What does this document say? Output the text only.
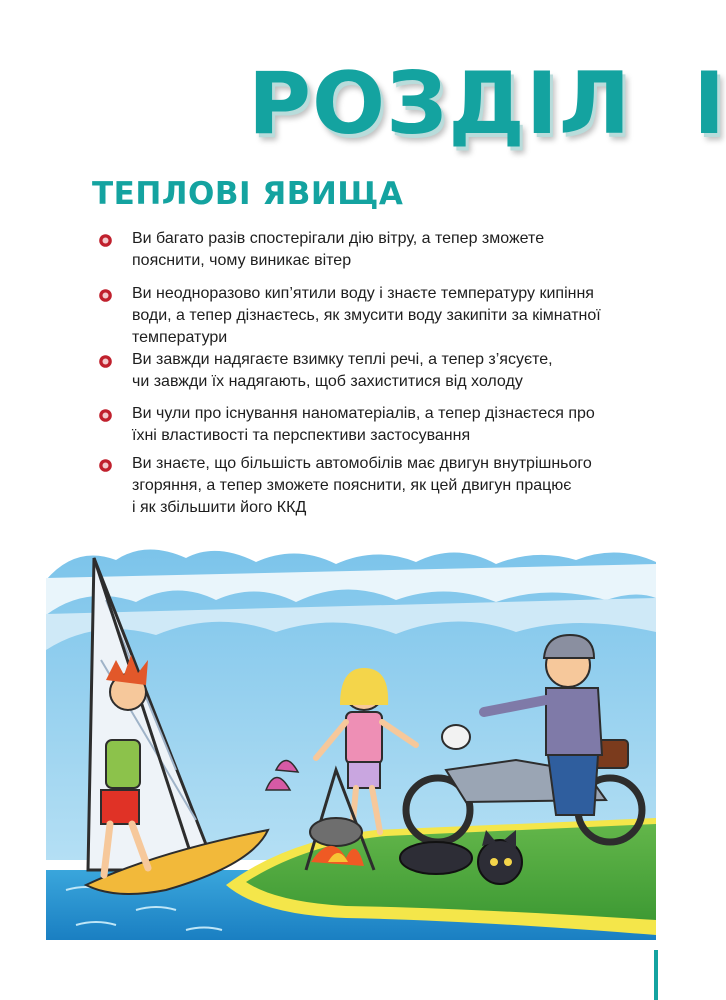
РОЗДІЛ I
ТЕПЛОВІ ЯВИЩА
Ви багато разів спостерігали дію вітру, а тепер зможете
пояснити, чому виникає вітер
Ви неодноразово кип’ятили воду і знаєте температуру кипіння
води, а тепер дізнаєтесь, як змусити воду закипіти за кімнатної
температури
Ви завжди надягаєте взимку теплі речі, а тепер з’ясуєте,
чи завжди їх надягають, щоб захиститися від холоду
Ви чули про існування наноматеріалів, а тепер дізнаєтеся про
їхні властивості та перспективи застосування
Ви знаєте, що більшість автомобілів має двигун внутрішнього
згоряння, а тепер зможете пояснити, як цей двигун працює
і як збільшити його ККД
